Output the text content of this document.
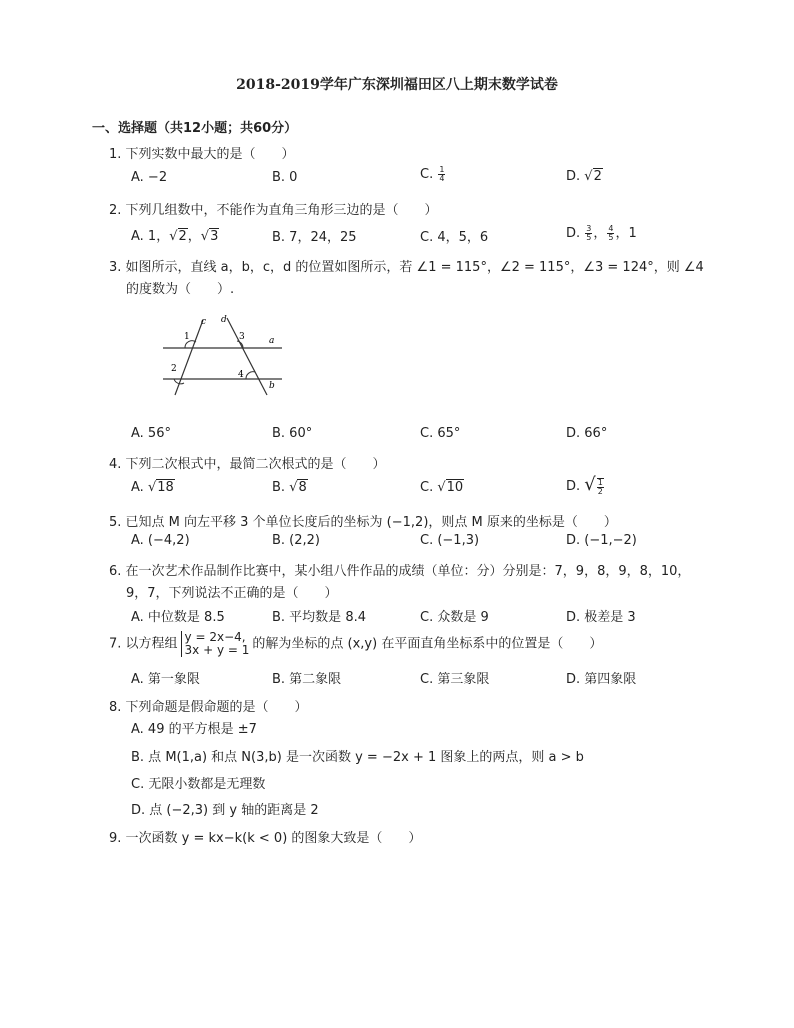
2018-2019学年广东深圳福田区八上期末数学试卷
一、选择题（共12小题；共60分）
1. 下列实数中最大的是（　　）
A. −2	B. 0	C. $\frac{1}{4}$	D. √2
2. 下列几组数中，不能作为直角三角形三边的是（　　）
A. 1，√2，√3	B. 7，24，25	C. 4，5，6	D. $\frac{3}{5}$ ， $\frac{4}{5}$ ，1
3. 如图所示，直线 a，b，c，d 的位置如图所示，若 ∠1 = 115°，∠2 = 115°，∠3 = 124°，则 ∠4
的度数为（　　）.
1
2
3
4
a
b
c d
A. 56°	B. 60°	C. 65°	D. 66°
4. 下列二次根式中，最简二次根式的是（　　）
A. √18	B. √8	C. √10	D. √ $\frac{1}{2}$
5. 已知点 M 向左平移 3 个单位长度后的坐标为 (−1,2)，则点 M 原来的坐标是（　　）
A. (−4,2)	B. (2,2)	C. (−1,3)	D. (−1,−2)
6. 在一次艺术作品制作比赛中，某小组八件作品的成绩（单位：分）分别是：7，9，8，9，8，10，
9，7，下列说法不正确的是（　　）
A. 中位数是 8.5	B. 平均数是 8.4	C. 众数是 9	D. 极差是 3
7. 以方程组 y = 2x−4,
3x + y = 1 的解为坐标的点 (x,y) 在平面直角坐标系中的位置是（　　）
A. 第一象限	B. 第二象限	C. 第三象限	D. 第四象限
8. 下列命题是假命题的是（　　）
A. 49 的平方根是 ±7
B. 点 M(1,a) 和点 N(3,b) 是一次函数 y = −2x + 1 图象上的两点，则 a > b
C. 无限小数都是无理数
D. 点 (−2,3) 到 y 轴的距离是 2
9. 一次函数 y = kx−k(k < 0) 的图象大致是（　　）
